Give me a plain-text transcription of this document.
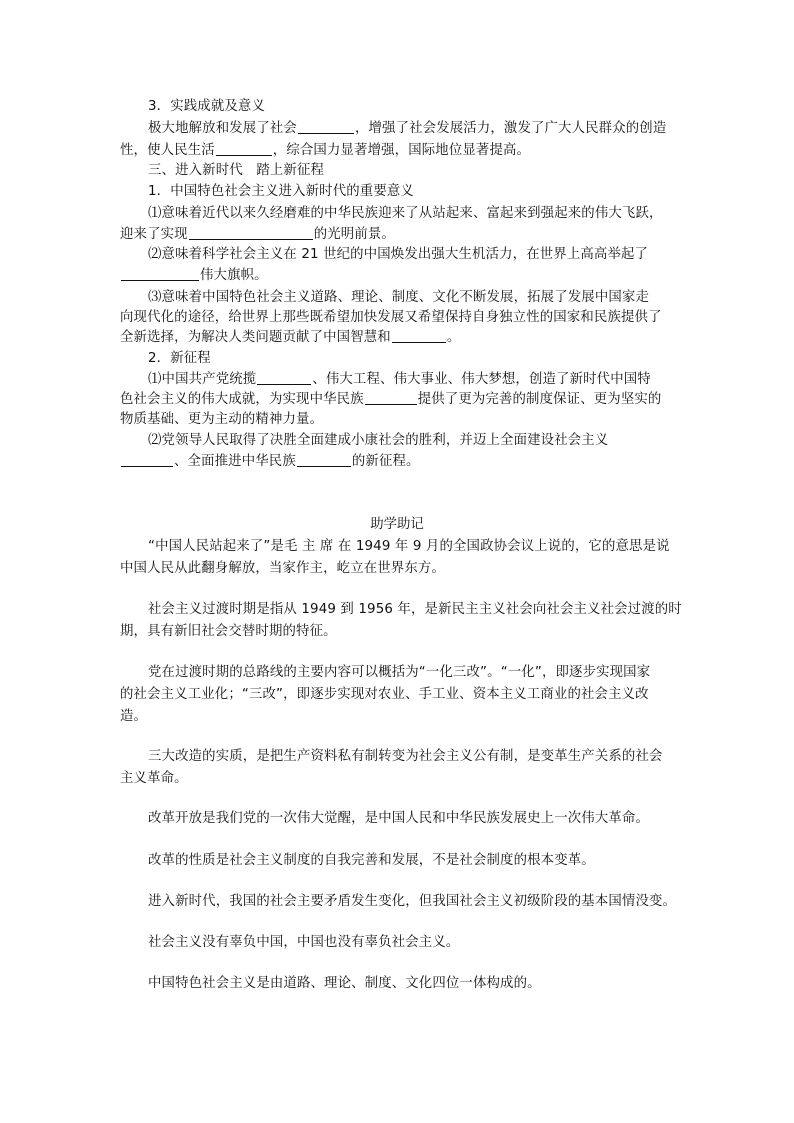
3．实践成就及意义
极大地解放和发展了社会	，增强了社会发展活力，激发了广大人民群众的创造
性，使人民生活	，综合国力显著增强，国际地位显著提高。
三、进入新时代　踏上新征程
1．中国特色社会主义进入新时代的重要意义
⑴意味着近代以来久经磨难的中华民族迎来了从站起来、富起来到强起来的伟大飞跃，
迎来了实现	的光明前景。
⑵意味着科学社会主义在 21 世纪的中国焕发出强大生机活力，在世界上高高举起了
伟大旗帜。
⑶意味着中国特色社会主义道路、理论、制度、文化不断发展，拓展了发展中国家走
向现代化的途径，给世界上那些既希望加快发展又希望保持自身独立性的国家和民族提供了
全新选择，为解决人类问题贡献了中国智慧和	。
2．新征程
⑴中国共产党统揽	、伟大工程、伟大事业、伟大梦想，创造了新时代中国特
色社会主义的伟大成就，为实现中华民族	提供了更为完善的制度保证、更为坚实的
物质基础、更为主动的精神力量。
⑵党领导人民取得了决胜全面建成小康社会的胜利，并迈上全面建设社会主义
、全面推进中华民族	的新征程。
助学助记
“中国人民站起来了”是毛 主 席 在 1949 年 9 月的全国政协会议上说的，它的意思是说
中国人民从此翻身解放，当家作主，屹立在世界东方。
社会主义过渡时期是指从 1949 到 1956 年，是新民主主义社会向社会主义社会过渡的时
期，具有新旧社会交替时期的特征。
党在过渡时期的总路线的主要内容可以概括为“一化三改”。“一化”，即逐步实现国家
的社会主义工业化；“三改”，即逐步实现对农业、手工业、资本主义工商业的社会主义改
造。
三大改造的实质，是把生产资料私有制转变为社会主义公有制，是变革生产关系的社会
主义革命。
改革开放是我们党的一次伟大觉醒，是中国人民和中华民族发展史上一次伟大革命。
改革的性质是社会主义制度的自我完善和发展，不是社会制度的根本变革。
进入新时代，我国的社会主要矛盾发生变化，但我国社会主义初级阶段的基本国情没变。
社会主义没有辜负中国，中国也没有辜负社会主义。
中国特色社会主义是由道路、理论、制度、文化四位一体构成的。
